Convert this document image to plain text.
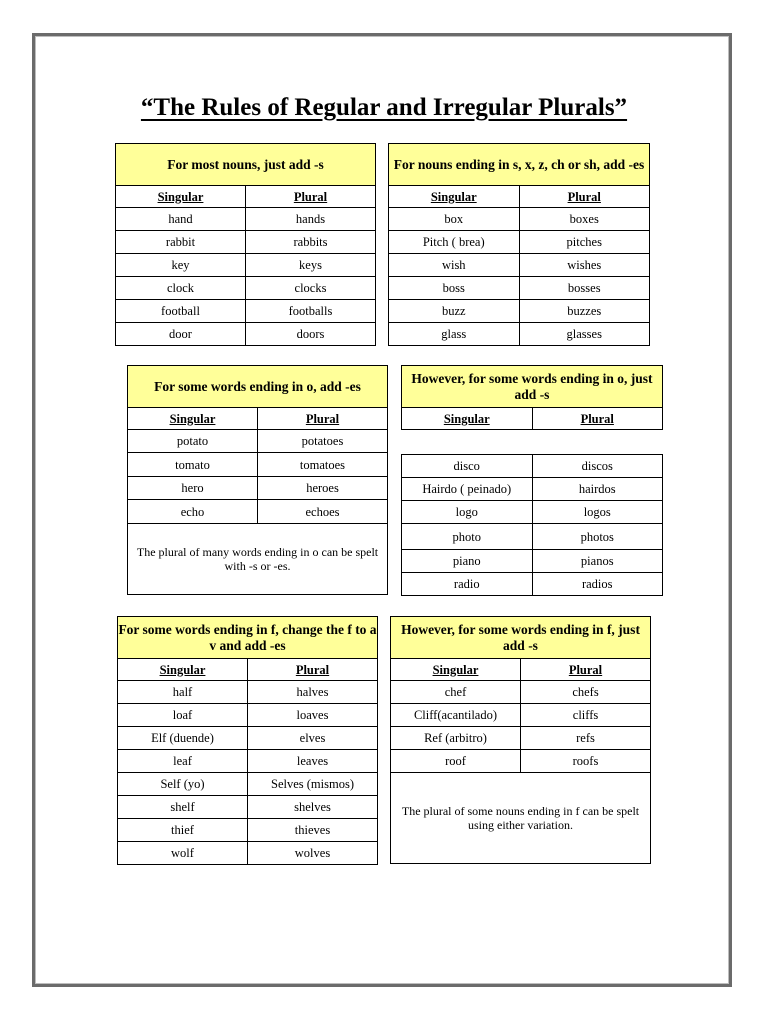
“The Rules of Regular and Irregular Plurals”
For most nouns, just add -s	
Singular	Plural
hand	hands
rabbit	rabbits
key	keys
clock	clocks
football	footballs
door	doors
For nouns ending in s, x, z, ch or sh, add -es	
Singular	Plural
box	boxes
Pitch ( brea)	pitches
wish	wishes
boss	bosses
buzz	buzzes
glass	glasses
For some words ending in o, add -es	
Singular	Plural
potato	potatoes
tomato	tomatoes
hero	heroes
echo	echoes
The plural of many words ending in o can be spelt with -s or -es.	
However, for some words ending in o, just add -s	
Singular	Plural

disco	discos
Hairdo ( peinado)	hairdos
logo	logos
photo	photos
piano	pianos
radio	radios
For some words ending in f, change the f to a v and add -es	
Singular	Plural
half	halves
loaf	loaves
Elf (duende)	elves
leaf	leaves
Self (yo)	Selves (mismos)
shelf	shelves
thief	thieves
wolf	wolves
However, for some words ending in f, just add -s	
Singular	Plural
chef	chefs
Cliff(acantilado)	cliffs
Ref (arbitro)	refs
roof	roofs
The plural of some nouns ending in f can be spelt using either variation.	
